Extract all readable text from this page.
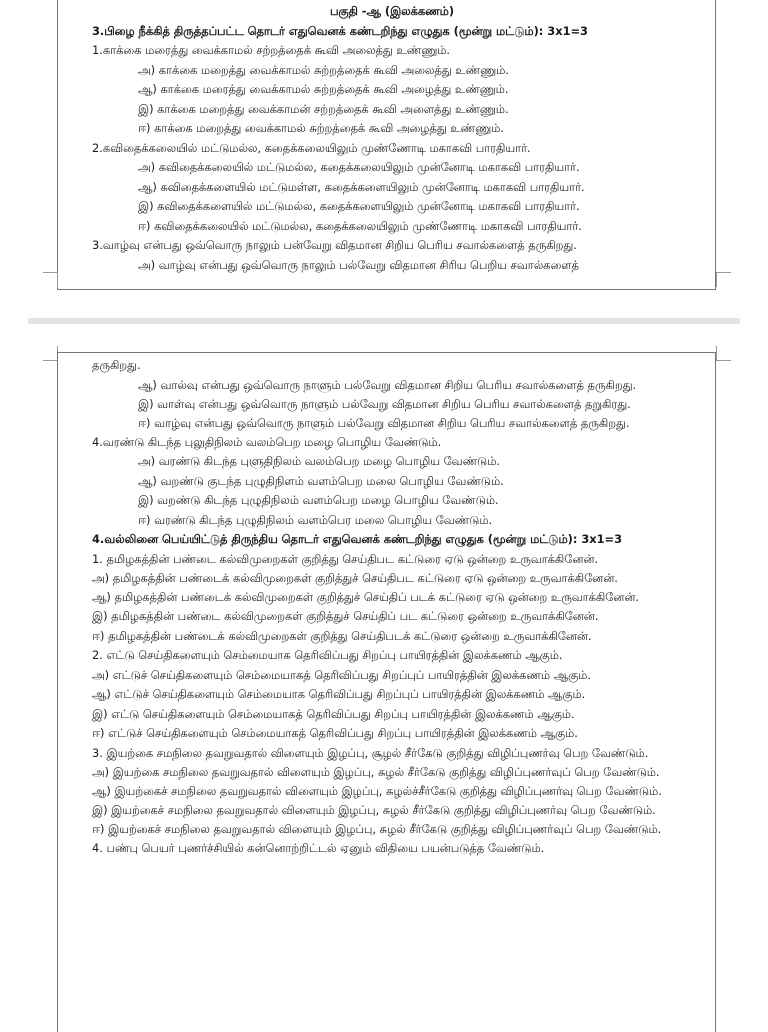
பகுதி -ஆ (இலக்கணம்)
3.பிழை நீக்கித் திருத்தப்பட்ட தொடர் எதுவெனக் கண்டறிந்து எழுதுக (மூன்று மட்டும்): 3x1=3
1.காக்கை மரைத்து வைக்காமல் சற்றத்தைக் கூவி அலைத்து உண்ணும்.
அ) காக்கை மறைத்து வைக்காமல் சுற்றத்தைக் கூவி அலைத்து உண்ணும்.
ஆ) காக்கை மரைத்து வைக்காமல் சுற்றத்தைக் கூவி அழைத்து உண்ணும்.
இ) காக்கை மறைத்து வைக்காமன் சற்றத்தைக் கூவி அளைத்து உண்ணும்.
ஈ) காக்கை மறைத்து வைக்காமல் சுற்றத்தைக் கூவி அழைத்து உண்ணும்.
2.கவிதைக்கலையில் மட்டுமல்ல, கதைக்கலையிலும் முண்ணோடி மகாகவி பாரதியார்.
அ) கவிதைக்கலையில் மட்டுமல்ல, கதைக்கலையிலும் முன்னோடி மகாகவி பாரதியார்.
ஆ) கவிதைக்களையில் மட்டுமள்ள, கதைக்களையிலும் முன்னோடி மகாகவி பாரதியார்.
இ) கவிதைக்களையில் மட்டுமல்ல, கதைக்களையிலும் முன்னோடி மகாகவி பாரதியார்.
ஈ) கவிதைக்கலையில் மட்டுமல்ல, கதைக்கலையிலும் முண்ணோடி மகாகவி பாரதியார்.
3.வாழ்வு என்பது ஒவ்வொரு நாலும் பன்வேறு விதமான சிறிய பெரிய சவால்களைத் தருகிறது.
அ) வாழ்வு என்பது ஒவ்வொரு நாலும் பல்வேறு விதமான சிரிய பெறிய சவால்களைத்
தருகிறது.
ஆ) வால்வு என்பது ஒவ்வொரு நாளும் பல்வேறு விதமான சிறிய பெரிய சவால்களைத் தருகிறது.
இ) வாள்வு என்பது ஒவ்வொரு நாளும் பல்வேறு விதமான சிறிய பெரிய சவால்களைத் தறுகிரது.
ஈ) வாழ்வு என்பது ஒவ்வொரு நாளும் பல்வேறு விதமான சிறிய பெரிய சவால்களைத் தருகிறது.
4.வரண்டு கிடந்த புலுதிநிலம் வலம்பெற மழை பொழிய வேண்டும்.
அ) வரண்டு கிடந்த புளுதிநிலம் வலம்பெற மழை பொழிய வேண்டும்.
ஆ) வறண்டு குடந்த புழுதிநிளம் வளம்பெற மலை பொழிய வேண்டும்.
இ) வறண்டு கிடந்த புழுதிநிலம் வளம்பெற மழை பொழிய வேண்டும்.
ஈ) வரண்டு கிடந்த புழுதிநிலம் வளம்பெர மலை பொழிய வேண்டும்.
4.வல்லினை பெய்யிட்டுத் திருந்திய தொடர் எதுவெனக் கண்டறிந்து எழுதுக (மூன்று மட்டும்): 3x1=3
1. தமிழகத்தின் பண்டை கல்விமுறைகள் குறித்து செய்திபட கட்டுரை ஏடு ஒன்றை உருவாக்கினேன்.
அ) தமிழகத்தின் பண்டைக் கல்விமுறைகள் குறித்துச் செய்திபட கட்டுரை ஏடு ஒன்றை உருவாக்கினேன்.
ஆ) தமிழகத்தின் பண்டைக் கல்விமுறைகள் குறித்துச் செய்திப் படக் கட்டுரை ஏடு ஒன்றை உருவாக்கினேன்.
இ) தமிழகத்தின் பண்டை கல்விமுறைகள் குறித்துச் செய்திப் பட கட்டுரை ஒன்றை உருவாக்கினேன்.
ஈ) தமிழகத்தின் பண்டைக் கல்விமுறைகள் குறித்து செய்திபடக் கட்டுரை ஒன்றை உருவாக்கினேன்.
2. எட்டு செய்திகளையும் செம்மையாக தெரிவிப்பது சிறப்பு பாயிரத்தின் இலக்கணம் ஆகும்.
அ) எட்டுச் செய்திகளையும் செம்மையாகத் தெரிவிப்பது சிறப்புப் பாயிரத்தின் இலக்கணம் ஆகும்.
ஆ) எட்டுச் செய்திகளையும் செம்மையாக தெரிவிப்பது சிறப்புப் பாயிரத்தின் இலக்கணம் ஆகும்.
இ) எட்டு செய்திகளையும் செம்மையாகத் தெரிவிப்பது சிறப்பு பாயிரத்தின் இலக்கணம் ஆகும்.
ஈ) எட்டுச் செய்திகளையும் செம்மையாகத் தெரிவிப்பது சிறப்பு பாயிரத்தின் இலக்கணம் ஆகும்.
3. இயற்கை சமநிலை தவறுவதால் விளையும் இழப்பு, சூழல் சீர்கேடு குறித்து விழிப்புணர்வு பெற வேண்டும்.
அ) இயற்கை சமநிலை தவறுவதால் விளையும் இழப்பு, சுழல் சீர்கேடு குறித்து விழிப்புணர்வுப் பெற வேண்டும்.
ஆ) இயற்கைச் சமநிலை தவறுவதால் விளையும் இழப்பு, சுழல்ச்சீர்கேடு குறித்து விழிப்புணர்வு பெற வேண்டும்.
இ) இயற்கைச் சமநிலை தவறுவதால் விளையும் இழப்பு, சுழல் சீர்கேடு குறித்து விழிப்புணர்வு பெற வேண்டும்.
ஈ) இயற்கைச் சமநிலை தவறுவதால் விளையும் இழப்பு, சுழல் சீர்கேடு குறித்து விழிப்புணர்வுப் பெற வேண்டும்.
4. பண்பு பெயர் புணர்ச்சியில் கன்னொற்றிட்டல் ஏனும் விதியை பயன்படுத்த வேண்டும்.
